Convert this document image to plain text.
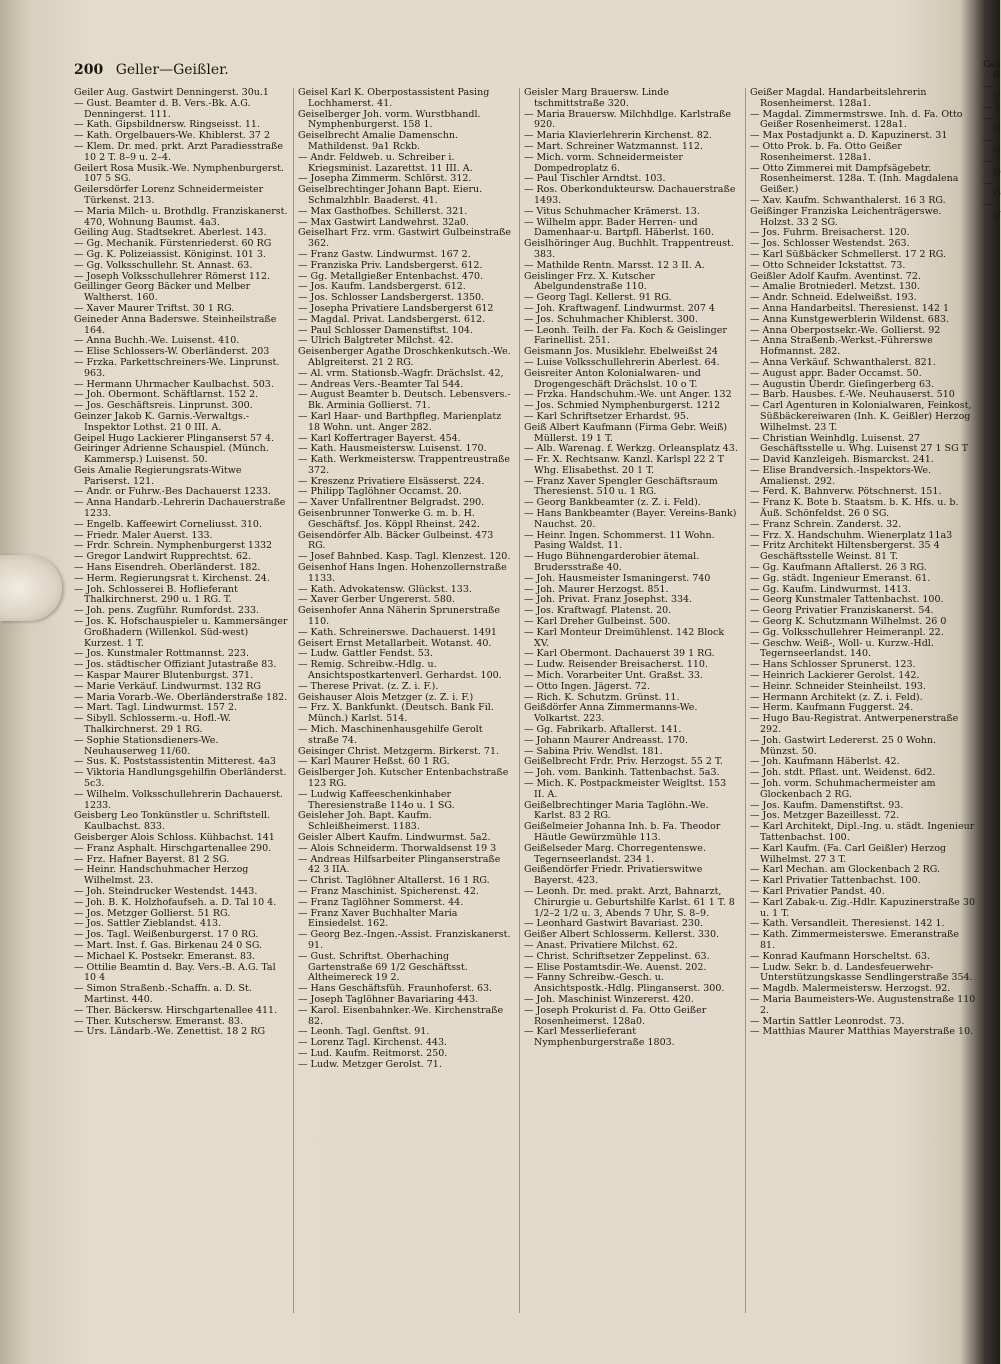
200 Geller—Geißler.

Geiler Aug. Gastwirt Denningerst. 30u.1

— Gust. Beamter d. B. Vers.-Bk. A.G. Denningerst. 111.

— Kath. Gipsbildnersw. Ringseisst. 11.

— Kath. Orgelbauers-We. Khiblerst. 37 2

— Klem. Dr. med. prkt. Arzt Paradiesstraße 10 2 T. 8–9 u. 2–4.

Geilert Rosa Musik.-We. Nymphenburgerst. 107 5 SG.

Geilersdörfer Lorenz Schneidermeister Türkenst. 213.

— Maria Milch- u. Brothdlg. Franziskanerst. 470, Wohnung Baumst. 4a3.

Geiling Aug. Stadtsekret. Aberlest. 143.

— Gg. Mechanik. Fürstenriederst. 60 RG

— Gg. K. Polizeiassist. Königinst. 101 3.

— Gg. Volksschullehr. St. Annast. 63.

— Joseph Volksschullehrer Römerst 112.

Geillinger Georg Bäcker und Melber Waltherst. 160.

— Xaver Maurer Triftst. 30 1 RG.

Geineder Anna Baderswe. Steinheilstraße 164.

— Anna Buchh.-We. Luisenst. 410.

— Elise Schlossers-W. Oberländerst. 203

— Frzka. Parkettschreiners-We. Linprunst. 963.

— Hermann Uhrmacher Kaulbachst. 503.

— Joh. Obermont. Schäftlarnst. 152 2.

— Jos. Geschäftsreis. Linprunst. 300.

Geinzer Jakob K. Garnis.-Verwaltgs.-Inspektor Lothst. 21 0 III. A.

Geipel Hugo Lackierer Plinganserst 57 4.

Geiringer Adrienne Schauspiel. (Münch. Kammersp.) Luisenst. 50.

Geis Amalie Regierungsrats-Witwe Pariserst. 121.

— Andr. or Fuhrw.-Bes Dachauerst 1233.

— Anna Handarb.-Lehrerin Dachauerstraße 1233.

— Engelb. Kaffeewirt Corneliusst. 310.

— Friedr. Maler Auerst. 133.

— Frdr. Schrein. Nymphenburgerst 1332

— Gregor Landwirt Rupprechtst. 62.

— Hans Eisendreh. Oberländerst. 182.

— Herm. Regierungsrat t. Kirchenst. 24.

— Joh. Schlosserei B. Hoflieferant Thalkirchnerst. 290 u. 1 RG. T.

— Joh. pens. Zugführ. Rumfordst. 233.

— Jos. K. Hofschauspieler u. Kammersänger Großhadern (Willenkol. Süd-west) Kurzest. 1 T.

— Jos. Kunstmaler Rottmannst. 223.

— Jos. städtischer Offiziant Jutastraße 83.

— Kaspar Maurer Blutenburgst. 371.

— Marie Verkäuf. Lindwurmst. 132 RG

— Maria Vorarb.-We. Oberländerstraße 182.

— Mart. Tagl. Lindwurmst. 157 2.

— Sibyll. Schlosserm.-u. Hofl.-W. Thalkirchnerst. 29 1 RG.

— Sophie Stationsdieners-We. Neuhauserweg 11/60.

— Sus. K. Poststassistentin Mitterest. 4a3

— Viktoria Handlungsgehilfin Oberländerst. 5c3.

— Wilhelm. Volksschullehrerin Dachauerst. 1233.

Geisberg Leo Tonkünstler u. Schriftstell. Kaulbachst. 833.

Geisberger Alois Schloss. Kühbachst. 141

— Franz Asphalt. Hirschgartenallee 290.

— Frz. Hafner Bayerst. 81 2 SG.

— Heinr. Handschuhmacher Herzog Wilhelmst. 23.

— Joh. Steindrucker Westendst. 1443.

— Joh. B. K. Holzhofaufseh. a. D. Tal 10 4.

— Jos. Metzger Gollierst. 51 RG.

— Jos. Sattler Zieblandst. 413.

— Jos. Tagl. Weißenburgerst. 17 0 RG.

— Mart. Inst. f. Gas. Birkenau 24 0 SG.

— Michael K. Postsekr. Emeranst. 83.

— Ottilie Beamtin d. Bay. Vers.-B. A.G. Tal 10 4

— Simon Straßenb.-Schaffn. a. D. St. Martinst. 440.

— Ther. Bäckersw. Hirschgartenallee 411.

— Ther. Kutschersw. Emeranst. 83.

— Urs. Ländarb.-We. Zenettist. 18 2 RG

Geisel Karl K. Oberpostassistent Pasing Lochhamerst. 41.

Geiselberger Joh. vorm. Wurstbhandl. Nymphenburgerst. 158 1.

Geiselbrecht Amalie Damenschn. Mathildenst. 9a1 Rckb.

— Andr. Feldweb. u. Schreiber i. Kriegsminist. Lazarettst. 11 III. A.

— Josepha Zimmerm. Schlörst. 312.

Geiselbrechtinger Johann Bapt. Eieru. Schmalzhblr. Baaderst. 41.

— Max Gasthofbes. Schillerst. 321.

— Max Gastwirt Landwehrst. 32a0.

Geiselhart Frz. vrm. Gastwirt Gulbeinstraße 362.

— Franz Gastw. Lindwurmst. 167 2.

— Franziska Priv. Landsbergerst. 612.

— Gg. Metallgießer Entenbachst. 470.

— Jos. Kaufm. Landsbergerst. 612.

— Jos. Schlosser Landsbergerst. 1350.

— Josepha Privatiere Landsbergerst 612

— Magdal. Privat. Landsbergerst. 612.

— Paul Schlosser Damenstiftst. 104.

— Ulrich Balgtreter Milchst. 42.

Geisenberger Agathe Droschkenkutsch.-We. Ablgreiterst. 21 2 RG.

— Al. vrm. Stationsb.-Wagfr. Drächslst. 42,

— Andreas Vers.-Beamter Tal 544.

— August Beamter b. Deutsch. Lebensvers.-Bk. Arminia Gollierst. 71.

— Karl Haar- und Barthpfleg. Marienplatz 18 Wohn. unt. Anger 282.

— Karl Koffertrager Bayerst. 454.

— Kath. Hausmeistersw. Luisenst. 170.

— Kath. Werkmeistersw. Trappentreustraße 372.

— Kreszenz Privatiere Elsässerst. 224.

— Philipp Taglöhner Occamst. 20.

— Xaver Unfallrentner Belgradst. 290.

Geisenbrunner Tonwerke G. m. b. H. Geschäftsf. Jos. Köppl Rheinst. 242.

Geisendörfer Alb. Bäcker Gulbeinst. 473 RG.

— Josef Bahnbed. Kasp. Tagl. Klenzest. 120.

Geisenhof Hans Ingen. Hohenzollernstraße 1133.

— Kath. Advokatensw. Glückst. 133.

— Xaver Gerber Ungererst. 580.

Geisenhofer Anna Näherin Sprunerstraße 110.

— Kath. Schreinerswe. Dachauerst. 1491

Geisert Ernst Metallarbeit. Wotanst. 40.

— Ludw. Gattler Fendst. 53.

— Remig. Schreibw.-Hdlg. u. Ansichtspostkartenverl. Gerhardst. 100.

— Therese Privat. (z. Z. i. F.).

Geishauser Alois Metzger (z. Z. i. F.)

— Frz. X. Bankfunkt. (Deutsch. Bank Fil. Münch.) Karlst. 514.

— Mich. Maschinenhausgehilfe Gerolt straße 74.

Geisinger Christ. Metzgerm. Birkerst. 71.

— Karl Maurer Heßst. 60 1 RG.

Geislberger Joh. Kutscher Entenbachstraße 123 RG.

— Ludwig Kaffeeschenkinhaber Theresienstraße 114o u. 1 SG.

Geisleher Joh. Bapt. Kaufm. Schleißheimerst. 1183.

Geisler Albert Kaufm. Lindwurmst. 5a2.

— Alois Schneiderm. Thorwaldsenst 19 3

— Andreas Hilfsarbeiter Plinganserstraße 42 3 IIA.

— Christ. Taglöhner Altallerst. 16 1 RG.

— Franz Maschinist. Spicherenst. 42.

— Franz Taglöhner Sommerst. 44.

— Franz Xaver Buchhalter Maria Einsiedelst. 162.

— Georg Bez.-Ingen.-Assist. Franziskanerst. 91.

— Gust. Schriftst. Oberhaching Gartenstraße 69 1/2 Geschäftsst. Altheimereck 19 2.

— Hans Geschäftsfüh. Fraunhoferst. 63.

— Joseph Taglöhner Bavariaring 443.

— Karol. Eisenbahnker.-We. Kirchenstraße 82.

— Leonh. Tagl. Genftst. 91.

— Lorenz Tagl. Kirchenst. 443.

— Lud. Kaufm. Reitmorst. 250.

— Ludw. Metzger Gerolst. 71.

Geisler Marg Brauersw. Linde tschmittstraße 320.

— Maria Brauersw. Milchhdlge. Karlstraße 920.

— Maria Klavierlehrerin Kirchenst. 82.

— Mart. Schreiner Watzmannst. 112.

— Mich. vorm. Schneidermeister Dompedroplatz 6.

— Paul Tischler Arndtst. 103.

— Ros. Oberkondukteursw. Dachauerstraße 1493.

— Vitus Schuhmacher Krämerst. 13.

— Wilhelm appr. Bader Herren- und Damenhaar-u. Bartpfl. Häberlst. 160.

Geislhöringer Aug. Buchhlt. Trappentreust. 383.

— Mathilde Rentn. Marsst. 12 3 II. A.

Geislinger Frz. X. Kutscher Abelgundenstraße 110.

— Georg Tagl. Kellerst. 91 RG.

— Joh. Kraftwagenf. Lindwurmst. 207 4

— Jos. Schuhmacher Khiblerst. 300.

— Leonh. Teilh. der Fa. Koch & Geislinger Farinellist. 251.

Geismann Jos. Musiklehr. Ebelweißst 24

— Luise Volksschullehrerin Aberlest. 64.

Geisreiter Anton Kolonialwaren- und Drogengeschäft Drächslst. 10 o T.

— Frzka. Handschuhm.-We. unt Anger. 132

— Jos. Schmied Nymphenburgerst. 1212

— Karl Schriftsetzer Erhardst. 95.

Geiß Albert Kaufmann (Firma Gebr. Weiß) Müllerst. 19 1 T.

— Alb. Warenag. f. Werkzg. Orleansplatz 43.

— Fr. X. Rechtsanw. Kanzl. Karlspl 22 2 T Whg. Elisabethst. 20 1 T.

— Franz Xaver Spengler Geschäftsraum Theresienst. 510 u. 1 RG.

— Georg Bankbeamter (z. Z. i. Feld).

— Hans Bankbeamter (Bayer. Vereins-Bank) Nauchst. 20.

— Heinr. Ingen. Schommerst. 11 Wohn. Pasing Waldst. 11.

— Hugo Bühnengarderobier ätemal. Brudersstraße 40.

— Joh. Hausmeister Ismaningerst. 740

— Joh. Maurer Herzogst. 851.

— Joh. Privat. Franz Josephst. 334.

— Jos. Kraftwagf. Platenst. 20.

— Karl Dreher Gulbeinst. 500.

— Karl Monteur Dreimühlenst. 142 Block XV.

— Karl Obermont. Dachauerst 39 1 RG.

— Ludw. Reisender Breisacherst. 110.

— Mich. Vorarbeiter Unt. Graßst. 33.

— Otto Ingen. Jägerst. 72.

— Rich. K. Schutzm. Grünst. 11.

Geißdörfer Anna Zimmermanns-We. Volkartst. 223.

— Gg. Fabrikarb. Aftallerst. 141.

— Johann Maurer Andreasst. 170.

— Sabina Priv. Wendlst. 181.

Geißelbrecht Frdr. Priv. Herzogst. 55 2 T.

— Joh. vom. Bankinh. Tattenbachst. 5a3.

— Mich. K. Postpackmeister Weigltst. 153 II. A.

Geißelbrechtinger Maria Taglöhn.-We. Karlst. 83 2 RG.

Geißelmeier Johanna Inh. b. Fa. Theodor Häutle Gewürzmühle 113.

Geißelseder Marg. Chorregentenswe. Tegernseerlandst. 234 1.

Geißendörfer Friedr. Privatierswitwe Bayerst. 423.

— Leonh. Dr. med. prakt. Arzt, Bahnarzt, Chirurgie u. Geburtshilfe Karlst. 61 1 T. 8 1/2–2 1/2 u. 3, Abends 7 Uhr, S. 8–9.

— Leonhard Gastwirt Bavariast. 230.

Geißer Albert Schlosserm. Kellerst. 330.

— Anast. Privatiere Milchst. 62.

— Christ. Schriftsetzer Zeppelinst. 63.

— Elise Postamtsdir.-We. Auenst. 202.

— Fanny Schreibw.-Gesch. u. Ansichtspostk.-Hdlg. Plinganserst. 300.

— Joh. Maschinist Winzererst. 420.

— Joseph Prokurist d. Fa. Otto Geißer Rosenheimerst. 128a0.

— Karl Messerlieferant Nymphenburgerstraße 1803.

Geißer Magdal. Handarbeitslehrerin Rosenheimerst. 128a1.

— Magdal. Zimmermstrswe. Inh. d. Fa. Otto Geißer Rosenheimerst. 128a1.

— Max Postadjunkt a. D. Kapuzinerst. 31

— Otto Prok. b. Fa. Otto Geißer Rosenheimerst. 128a1.

— Otto Zimmerei mit Dampfsägebetr. Rosenheimerst. 128a. T. (Inh. Magdalena Geißer.)

— Xav. Kaufm. Schwanthalerst. 16 3 RG.

Geißinger Franziska Leichenträgerswe. Holzst. 33 2 SG.

— Jos. Fuhrm. Breisacherst. 120.

— Jos. Schlosser Westendst. 263.

— Karl Süßbäcker Schmellerst. 17 2 RG.

— Otto Schneider Ickstattst. 73.

Geißler Adolf Kaufm. Aventinst. 72.

— Amalie Brotniederl. Metzst. 130.

— Andr. Schneid. Edelweißst. 193.

— Anna Handarbeitsl. Theresienst. 142 1

— Anna Kunstgewerblerin Wildenst. 683.

— Anna Oberpostsekr.-We. Gollierst. 92

— Anna Straßenb.-Werkst.-Führerswe Hofmannst. 282.

— Anna Verkäuf. Schwanthalerst. 821.

— August appr. Bader Occamst. 50.

— Augustin Überdr. Gieſingerberg 63.

— Barb. Hausbes. f.-We. Neuhauserst. 510

— Carl Agenturen in Kolonialwaren, Feinkost, Süßbäckereiwaren (Inh. K. Geißler) Herzog Wilhelmst. 23 T.

— Christian Weinhdlg. Luisenst. 27 Geschäftsstelle u. Whg. Luisenst 27 1 SG T

— David Kanzleigeh. Bismarckst. 241.

— Elise Brandversich.-Inspektors-We. Amalienst. 292.

— Ferd. K. Bahnverw. Pötschnerst. 151.

— Franz K. Bote b. Staatsm. b. K. Hfs. u. b. Äuß. Schönfeldst. 26 0 SG.

— Franz Schrein. Zanderst. 32.

— Frz. X. Handschuhm. Wienerplatz 11a3

— Fritz Architekt Hiltensbergerst. 35 4 Geschäftsstelle Weinst. 81 T.

— Gg. Kaufmann Aftallerst. 26 3 RG.

— Gg. städt. Ingenieur Emeranst. 61.

— Gg. Kaufm. Lindwurmst. 1413.

— Georg Kunstmaler Tattenbachst. 100.

— Georg Privatier Franziskanerst. 54.

— Georg K. Schutzmann Wilhelmst. 26 0

— Gg. Volksschullehrer Heimeranpl. 22.

— Geschw. Weiß-, Woll- u. Kurzw.-Hdl. Tegernseerlandst. 140.

— Hans Schlosser Sprunerst. 123.

— Heinrich Lackierer Gerolst. 142.

— Heinr. Schneider Steinheilst. 193.

— Hermann Architekt (z. Z. i. Feld).

— Herm. Kaufmann Fuggerst. 24.

— Hugo Bau-Registrat. Antwerpenerstraße 292.

— Joh. Gastwirt Ledererst. 25 0 Wohn. Münzst. 50.

— Joh. Kaufmann Häberlst. 42.

— Joh. stdt. Pflast. unt. Weidenst. 6d2.

— Joh. vorm. Schuhmachermeister am Glockenbach 2 RG.

— Jos. Kaufm. Damenstiftst. 93.

— Jos. Metzger Bazeillesst. 72.

— Karl Architekt, Dipl.-Ing. u. städt. Ingenieur Tattenbachst. 100.

— Karl Kaufm. (Fa. Carl Geißler) Herzog Wilhelmst. 27 3 T.

— Karl Mechan. am Glockenbach 2 RG.

— Karl Privatier Tattenbachst. 100.

— Karl Privatier Pandst. 40.

— Karl Zabak-u. Zig.-Hdlr. Kapuzinerstraße 30 u. 1 T.

— Kath. Versandleit. Theresienst. 142 1.

— Kath. Zimmermeisterswe. Emeranstraße 81.

— Konrad Kaufmann Horscheltst. 63.

— Ludw. Sekr. b. d. Landesfeuerwehr-Unterstützungskasse Sendlingerstraße 354.

— Magdb. Malermeistersw. Herzogst. 92.

— Maria Baumeisters-We. Augustenstraße 110 2.

— Martin Sattler Leonrodst. 73.

— Matthias Maurer Matthias Mayerstraße 10.

Geiß

— C

— I

— C

— G

— O

— O

— U
